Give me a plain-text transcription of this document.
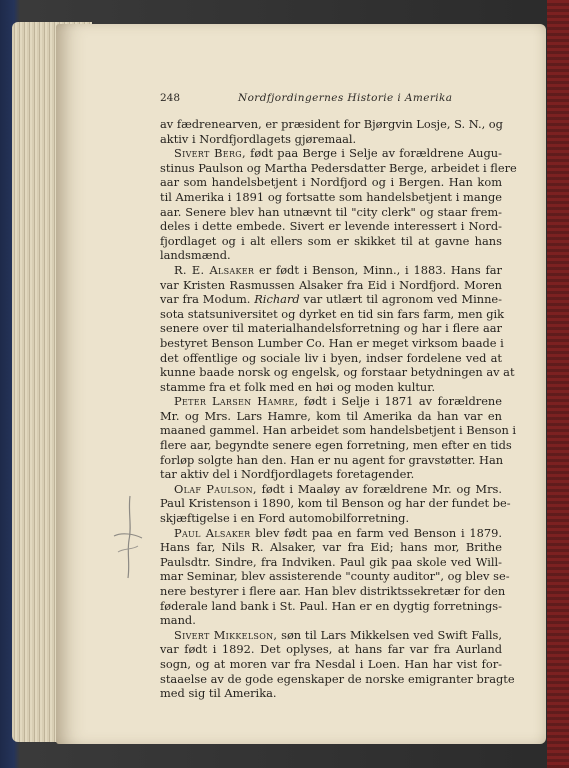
248	Nordfjordingernes Historie i Amerika
av fædrenearven, er præsident for Bjørgvin Losje, S. N., og
aktiv i Nordfjordlagets gjøremaal.
Sivert Berg, født paa Berge i Selje av forældrene Augu-
stinus Paulson og Martha Pedersdatter Berge, arbeidet i flere
aar som handelsbetjent i Nordfjord og i Bergen. Han kom
til Amerika i 1891 og fortsatte som handelsbetjent i mange
aar. Senere blev han utnævnt til "city clerk" og staar frem-
deles i dette embede. Sivert er levende interessert i Nord-
fjordlaget og i alt ellers som er skikket til at gavne hans
landsmænd.
R. E. Alsaker er født i Benson, Minn., i 1883. Hans far
var Kristen Rasmussen Alsaker fra Eid i Nordfjord. Moren
var fra Modum. Richard var utlært til agronom ved Minne-
sota statsuniversitet og dyrket en tid sin fars farm, men gik
senere over til materialhandelsforretning og har i flere aar
bestyret Benson Lumber Co. Han er meget virksom baade i
det offentlige og sociale liv i byen, indser fordelene ved at
kunne baade norsk og engelsk, og forstaar betydningen av at
stamme fra et folk med en høi og moden kultur.
Peter Larsen Hamre, født i Selje i 1871 av forældrene
Mr. og Mrs. Lars Hamre, kom til Amerika da han var en
maaned gammel. Han arbeidet som handelsbetjent i Benson i
flere aar, begyndte senere egen forretning, men efter en tids
forløp solgte han den. Han er nu agent for gravstøtter. Han
tar aktiv del i Nordfjordlagets foretagender.
Olaf Paulson, født i Maaløy av forældrene Mr. og Mrs.
Paul Kristenson i 1890, kom til Benson og har der fundet be-
skjæftigelse i en Ford automobilforretning.
Paul Alsaker blev født paa en farm ved Benson i 1879.
Hans far, Nils R. Alsaker, var fra Eid; hans mor, Brithe
Paulsdtr. Sindre, fra Indviken. Paul gik paa skole ved Will-
mar Seminar, blev assisterende "county auditor", og blev se-
nere bestyrer i flere aar. Han blev distriktssekretær for den
føderale land bank i St. Paul. Han er en dygtig forretnings-
mand.
Sivert Mikkelson, søn til Lars Mikkelsen ved Swift Falls,
var født i 1892. Det oplyses, at hans far var fra Aurland
sogn, og at moren var fra Nesdal i Loen. Han har vist for-
staaelse av de gode egenskaper de norske emigranter bragte
med sig til Amerika.
